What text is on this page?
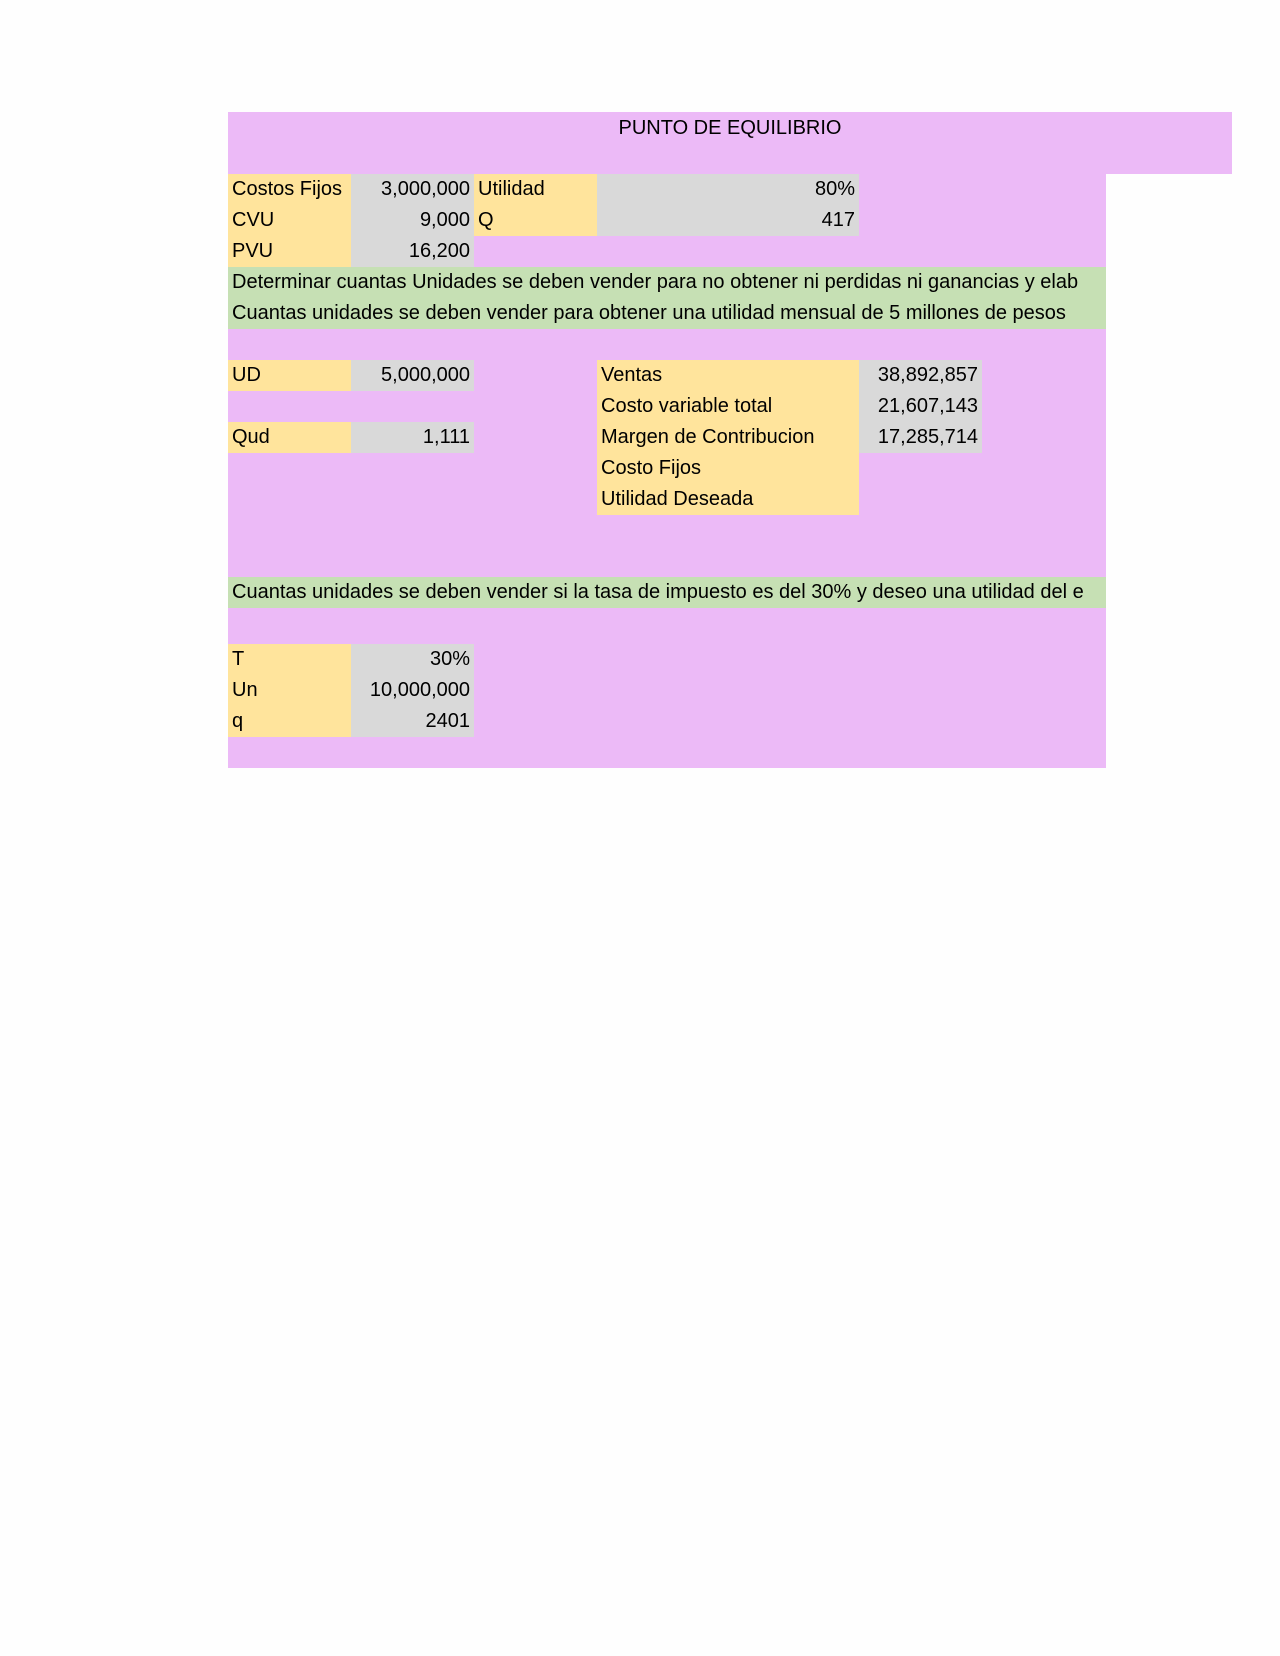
PUNTO DE EQUILIBRIO
Costos Fijos	3,000,000 Utilidad	80%
CVU	9,000 Q	417
PVU	16,200
Determinar cuantas Unidades se deben vender para no obtener ni perdidas ni ganancias y elab
Cuantas unidades se deben vender para obtener una utilidad mensual de 5 millones de pesos
UD	5,000,000
Qud	1,111
Ventas	38,892,857
Costo variable total	21,607,143
Margen de Contribucion	17,285,714
Costo Fijos
Utilidad Deseada
Cuantas unidades se deben vender si la tasa de impuesto es del 30% y deseo una utilidad del e
T	30%
Un	10,000,000
q	2401
